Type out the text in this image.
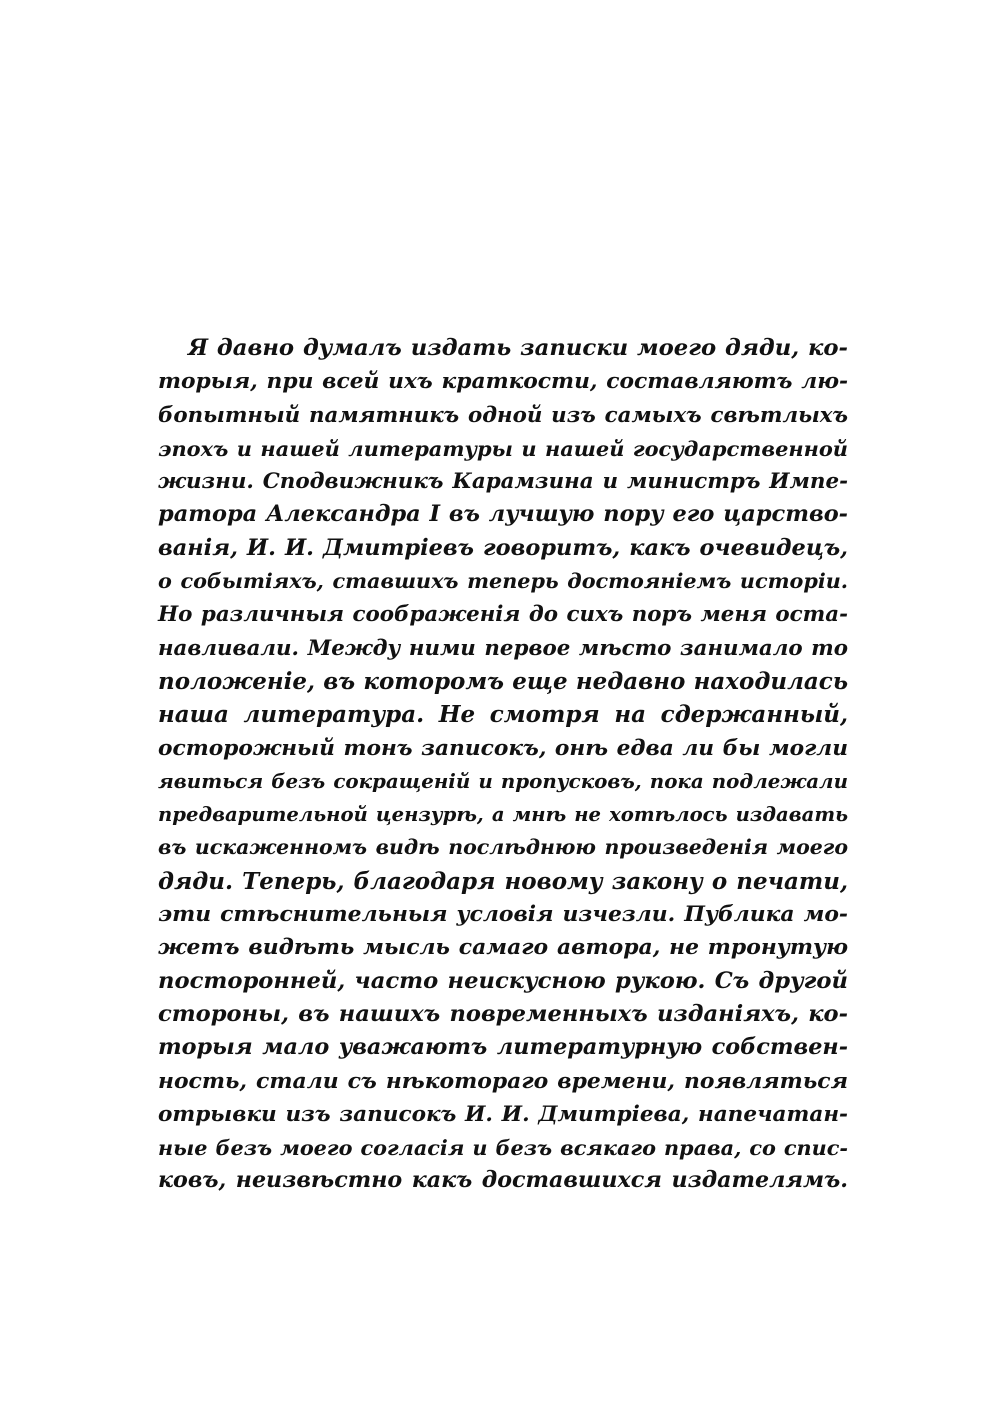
Я давно думалъ издать записки моего дяди, ко-
торыя, при всей ихъ краткости, составляютъ лю-
бопытный памятникъ одной изъ самыхъ свѣтлыхъ
эпохъ и нашей литературы и нашей государственной
жизни. Сподвижникъ Карамзина и министръ Импе-
ратора Александра I въ лучшую пору его царство-
ванія, И. И. Дмитріевъ говоритъ, какъ очевидецъ,
о событіяхъ, ставшихъ теперь достояніемъ исторіи.
Но различныя соображенія до сихъ поръ меня оста-
навливали. Между ними первое мѣсто занимало то
положеніе, въ которомъ еще недавно находилась
наша литература. Не смотря на сдержанный,
осторожный тонъ записокъ, онѣ едва ли бы могли
явиться безъ сокращеній и пропусковъ, пока подлежали
предварительной цензурѣ, а мнѣ не хотѣлось издавать
въ искаженномъ видѣ послѣднюю произведенія моего
дяди. Теперь, благодаря новому закону о печати,
эти стѣснительныя условія изчезли. Публика мо-
жетъ видѣть мысль самаго автора, не тронутую
посторонней, часто неискусною рукою. Съ другой
стороны, въ нашихъ повременныхъ изданіяхъ, ко-
торыя мало уважаютъ литературную собствен-
ность, стали съ нѣкотораго времени, появляться
отрывки изъ записокъ И. И. Дмитріева, напечатан-
ные безъ моего согласія и безъ всякаго права, со спис-
ковъ, неизвѣстно какъ доставшихся издателямъ.
